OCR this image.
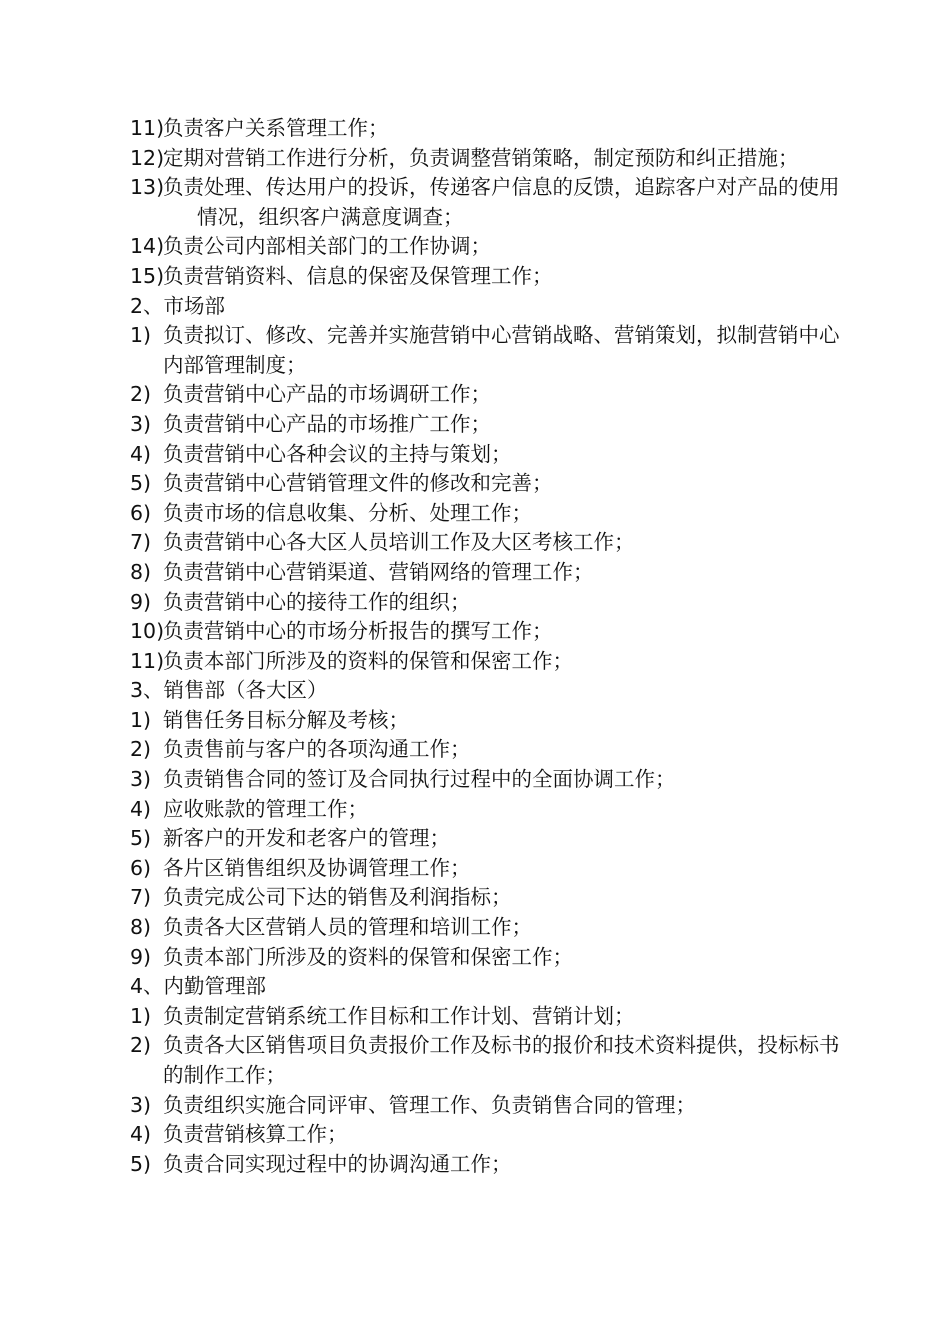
11)
负责客户关系管理工作；
12)
定期对营销工作进行分析，负责调整营销策略，制定预防和纠正措施；
13)
负责处理、传达用户的投诉，传递客户信息的反馈，追踪客户对产品的使用情况，组织客户满意度调查；
14)
负责公司内部相关部门的工作协调；
15)
负责营销资料、信息的保密及保管理工作；
2、市场部
1) 负责拟订、修改、完善并实施营销中心营销战略、营销策划，拟制营销中心内部管理制度；
2) 负责营销中心产品的市场调研工作；
3) 负责营销中心产品的市场推广工作；
4) 负责营销中心各种会议的主持与策划；
5) 负责营销中心营销管理文件的修改和完善；
6) 负责市场的信息收集、分析、处理工作；
7) 负责营销中心各大区人员培训工作及大区考核工作；
8) 负责营销中心营销渠道、营销网络的管理工作；
9) 负责营销中心的接待工作的组织；
10)
负责营销中心的市场分析报告的撰写工作；
11)
负责本部门所涉及的资料的保管和保密工作；
3、销售部（各大区）
1) 销售任务目标分解及考核；
2) 负责售前与客户的各项沟通工作；
3) 负责销售合同的签订及合同执行过程中的全面协调工作；
4) 应收账款的管理工作；
5) 新客户的开发和老客户的管理；
6) 各片区销售组织及协调管理工作；
7) 负责完成公司下达的销售及利润指标；
8) 负责各大区营销人员的管理和培训工作；
9) 负责本部门所涉及的资料的保管和保密工作；
4、内勤管理部
1) 负责制定营销系统工作目标和工作计划、营销计划；
2) 负责各大区销售项目负责报价工作及标书的报价和技术资料提供，投标标书的制作工作；
3) 负责组织实施合同评审、管理工作、负责销售合同的管理；
4) 负责营销核算工作；
5) 负责合同实现过程中的协调沟通工作；
